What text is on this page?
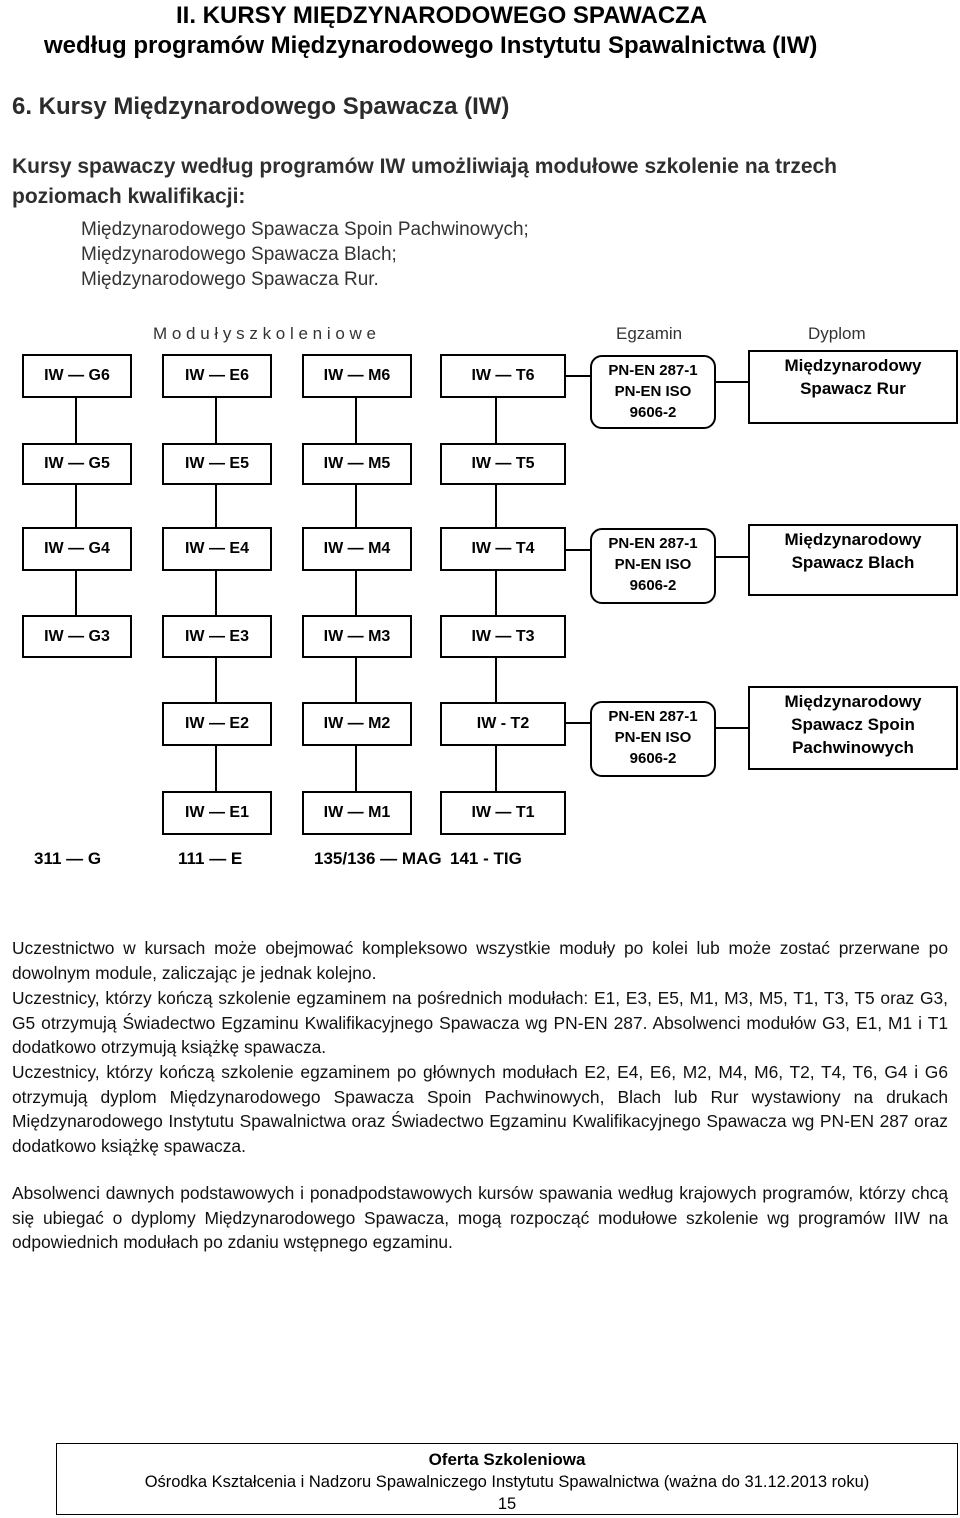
II. KURSY MIĘDZYNARODOWEGO SPAWACZA
według programów Międzynarodowego Instytutu Spawalnictwa (IW)
6. Kursy Międzynarodowego Spawacza (IW)
Kursy spawaczy według programów IW umożliwiają modułowe szkolenie na trzech
poziomach kwalifikacji:
Międzynarodowego Spawacza Spoin Pachwinowych;
Międzynarodowego Spawacza Blach;
Międzynarodowego Spawacza Rur.
M o d u ł y s z k o l e n i o w e	Egzamin	Dyplom
IW — G6	IW — E6	IW — M6	IW — T6	PN-EN 287-1
PN-EN ISO
9606-2
Międzynarodowy
Spawacz Rur
IW — G5	IW — E5	IW — M5	IW — T5
IW — G4	IW — E4	IW — M4	IW — T4	PN-EN 287-1
PN-EN ISO
9606-2
Międzynarodowy
Spawacz Blach
IW — G3	IW — E3	IW — M3	IW — T3
IW — E2	IW — M2	IW - T2	PN-EN 287-1
PN-EN ISO
9606-2
Międzynarodowy
Spawacz Spoin
Pachwinowych
IW — E1	IW — M1	IW — T1
311 — G	111 — E	135/136 — MAG 141 - TIG
Uczestnictwo w kursach może obejmować kompleksowo wszystkie moduły po kolei lub może zostać przerwane po dowolnym module, zaliczając je jednak kolejno.
Uczestnicy, którzy kończą szkolenie egzaminem na pośrednich modułach: E1, E3, E5, M1, M3, M5, T1, T3, T5 oraz G3, G5 otrzymują Świadectwo Egzaminu Kwalifikacyjnego Spawacza wg PN-EN 287. Absolwenci modułów G3, E1, M1 i T1 dodatkowo otrzymują książkę spawacza.
Uczestnicy, którzy kończą szkolenie egzaminem po głównych modułach E2, E4, E6, M2, M4, M6, T2, T4, T6, G4 i G6 otrzymują dyplom Międzynarodowego Spawacza Spoin Pachwinowych, Blach lub Rur wystawiony na drukach Międzynarodowego Instytutu Spawalnictwa oraz Świadectwo Egzaminu Kwalifikacyjnego Spawacza wg PN-EN 287 oraz dodatkowo książkę spawacza.
Absolwenci dawnych podstawowych i ponadpodstawowych kursów spawania według krajowych programów, którzy chcą się ubiegać o dyplomy Międzynarodowego Spawacza, mogą rozpocząć modułowe szkolenie wg programów IIW na odpowiednich modułach po zdaniu wstępnego egzaminu.
Oferta Szkoleniowa
Ośrodka Kształcenia i Nadzoru Spawalniczego Instytutu Spawalnictwa (ważna do 31.12.2013 roku)
15
